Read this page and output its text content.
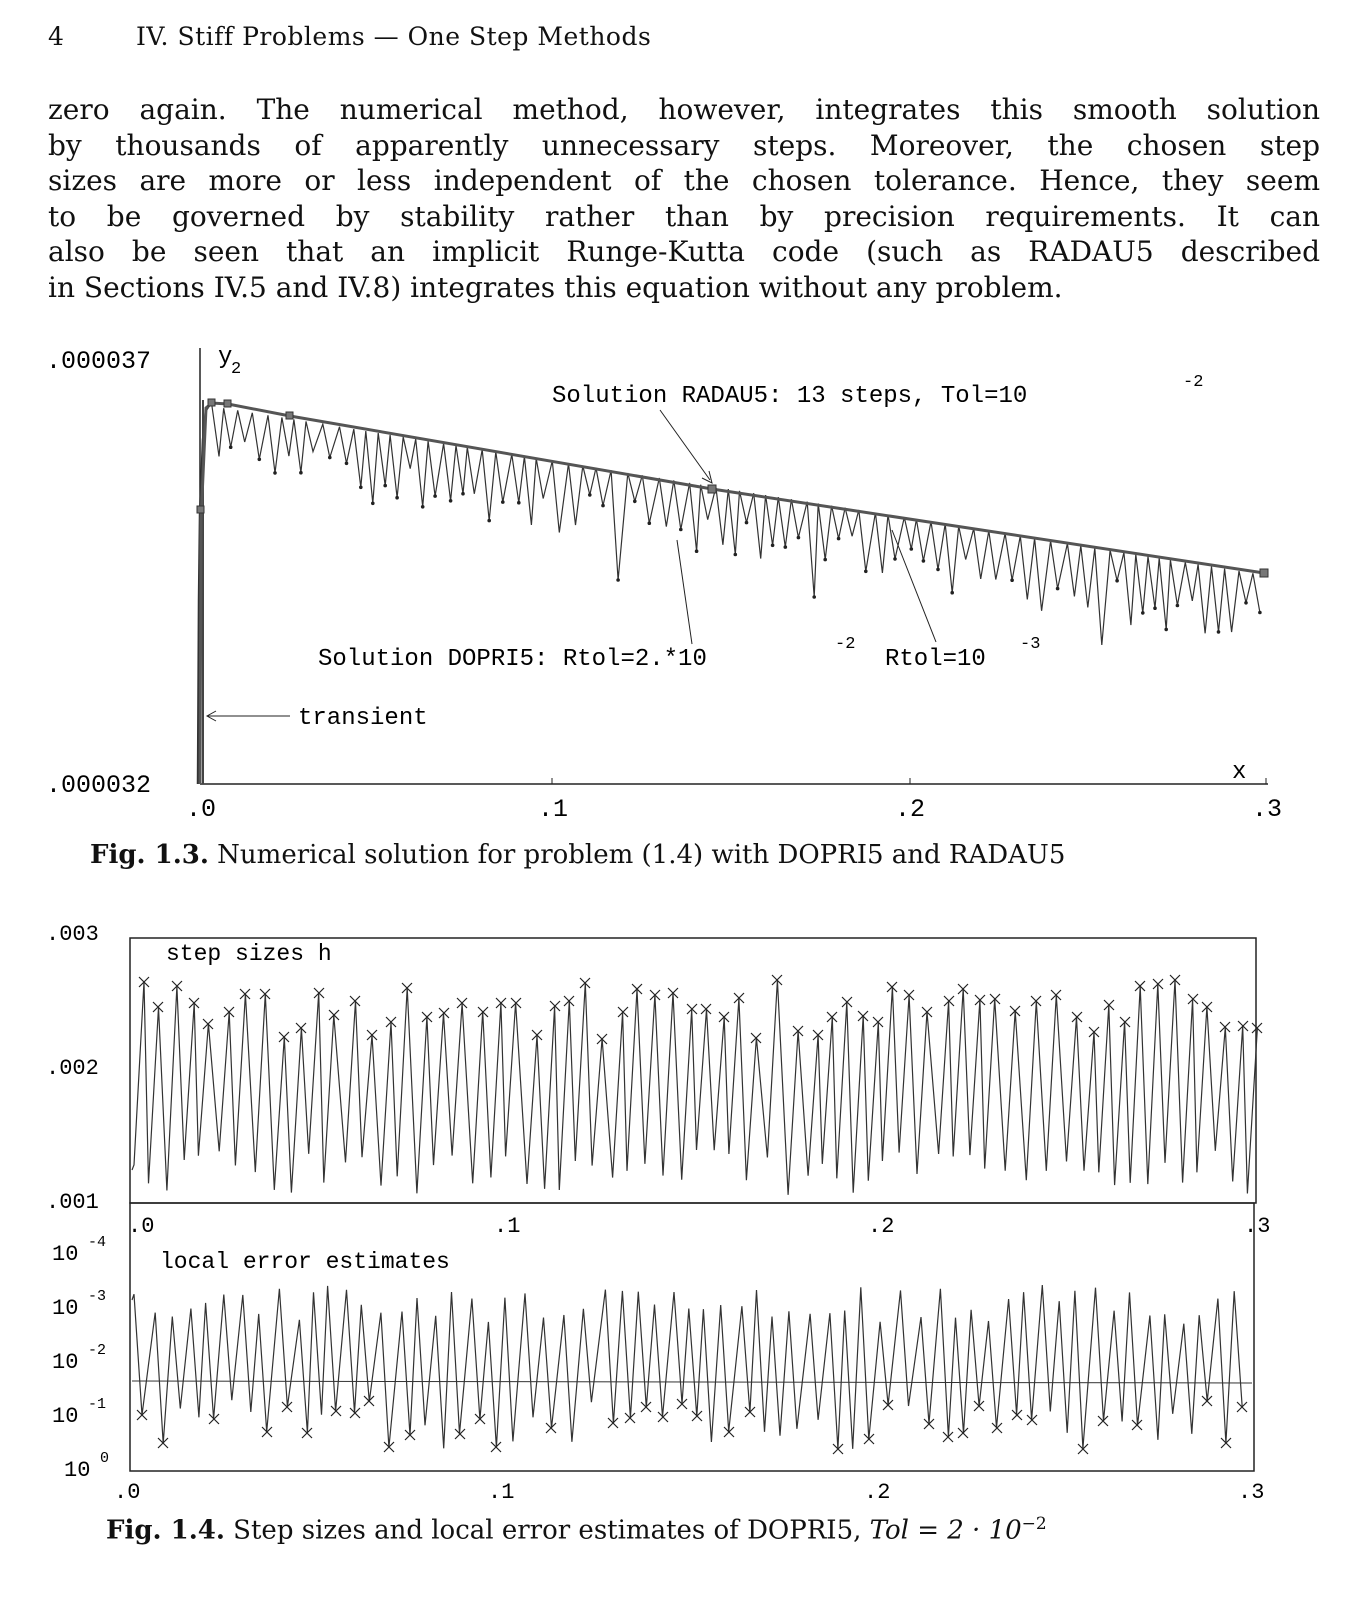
4	IV. Stiff Problems — One Step Methods
zero again. The numerical method, however, integrates this smooth solution
by thousands of apparently unnecessary steps. Moreover, the chosen step
sizes are more or less independent of the chosen tolerance. Hence, they seem
to be governed by stability rather than by precision requirements. It can
also be seen that an implicit Runge-Kutta code (such as RADAU5 described
in Sections IV.5 and IV.8) integrates this equation without any problem.
.000037
.000032
y
2
x
.0	.1	.2	.3
Solution RADAU5: 13 steps, Tol=10
-2
Solution DOPRI5: Rtol=2.*10
-2
Rtol=10
-3
transient
Fig. 1.3. Numerical solution for problem (1.4) with DOPRI5 and RADAU5
.003
.002
.001
step sizes h
.0	.1	.2	.3
local error estimates
10 -4
10 -3
10 -2
10 -1
10 0
.0	.1	.2	.3
Fig. 1.4. Step sizes and local error estimates of DOPRI5, Tol = $2 \cdot 10^{-2}$
